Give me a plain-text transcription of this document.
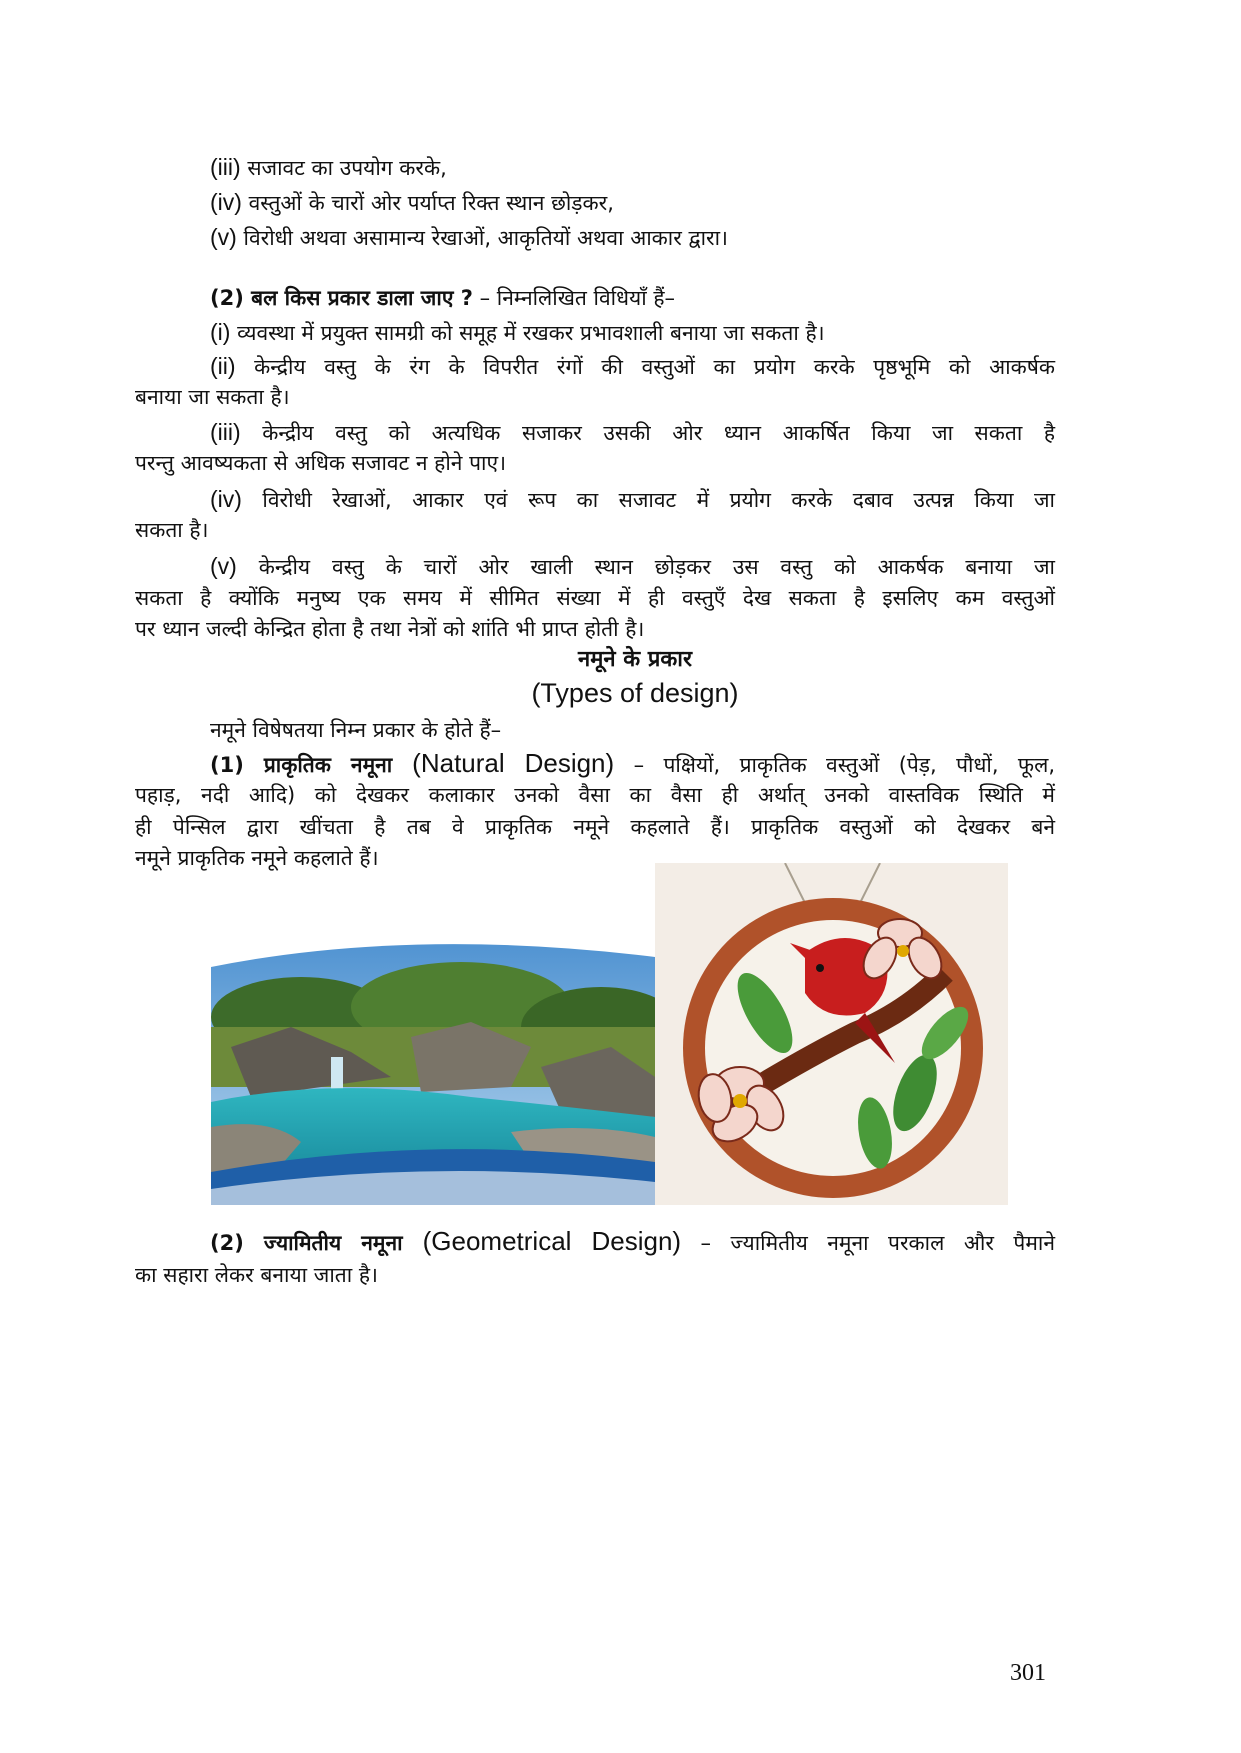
(iii) सजावट का उपयोग करके,
(iv) वस्तुओं के चारों ओर पर्याप्त रिक्त स्थान छोड़कर,
(v) विरोधी अथवा असामान्य रेखाओं, आकृतियों अथवा आकार द्वारा।
(2) बल किस प्रकार डाला जाए ? – निम्नलिखित विधियाँ हैं–
(i) व्यवस्था में प्रयुक्त सामग्री को समूह में रखकर प्रभावशाली बनाया जा सकता है।
(ii) केन्द्रीय वस्तु के रंग के विपरीत रंगों की वस्तुओं का प्रयोग करके पृष्ठभूमि को आकर्षक
बनाया जा सकता है।
(iii) केन्द्रीय वस्तु को अत्यधिक सजाकर उसकी ओर ध्यान आकर्षित किया जा सकता है
परन्तु आवष्यकता से अधिक सजावट न होने पाए।
(iv) विरोधी रेखाओं, आकार एवं रूप का सजावट में प्रयोग करके दबाव उत्पन्न किया जा
सकता है।
(v) केन्द्रीय वस्तु के चारों ओर खाली स्थान छोड़कर उस वस्तु को आकर्षक बनाया जा
सकता है क्योंकि मनुष्य एक समय में सीमित संख्या में ही वस्तुएँ देख सकता है इसलिए कम वस्तुओं
पर ध्यान जल्दी केन्द्रित होता है तथा नेत्रों को शांति भी प्राप्त होती है।
नमूने के प्रकार
(Types of design)
नमूने विषेषतया निम्न प्रकार के होते हैं–
(1) प्राकृतिक नमूना (Natural Design) – पक्षियों, प्राकृतिक वस्तुओं (पेड़, पौधों, फूल,
पहाड़, नदी आदि) को देखकर कलाकार उनको वैसा का वैसा ही अर्थात् उनको वास्तविक स्थिति में
ही पेन्सिल द्वारा खींचता है तब वे प्राकृतिक नमूने कहलाते हैं। प्राकृतिक वस्तुओं को देखकर बने
नमूने प्राकृतिक नमूने कहलाते हैं।
(2) ज्यामितीय नमूना (Geometrical Design) – ज्यामितीय नमूना परकाल और पैमाने
का सहारा लेकर बनाया जाता है।
301
